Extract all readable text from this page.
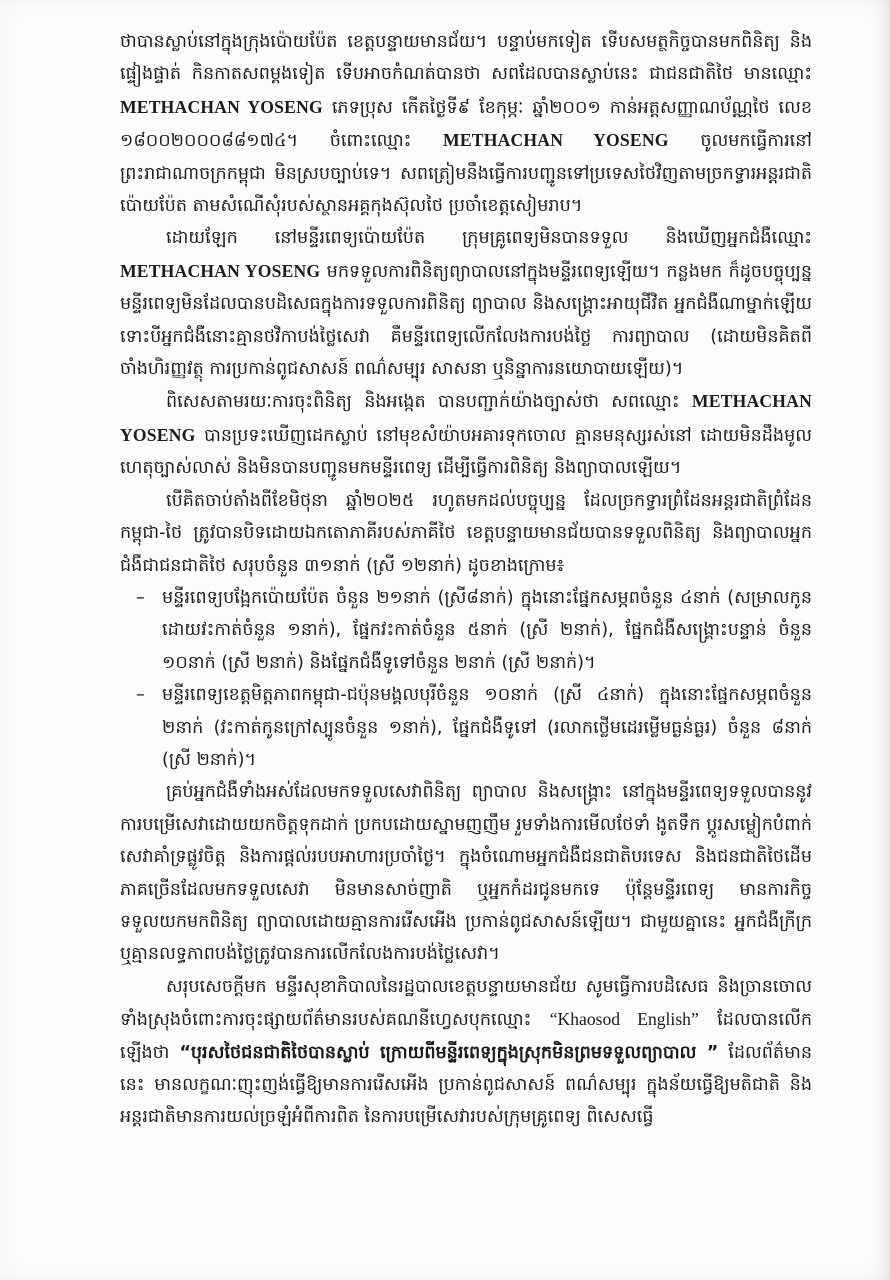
ថាបានស្លាប់នៅក្នុងក្រុងប៉ោយប៉ែត ខេត្តបន្ទាយមានជ័យ។ បន្ទាប់មកទៀត ទើបសមត្ថកិច្ចបានមកពិនិត្យ និងផ្ទៀងផ្ទាត់ កិនកាតសពម្តងទៀត ទើបអាចកំណត់បានថា សពដែលបានស្លាប់នេះ ជាជនជាតិថៃ មានឈ្មោះ METHACHAN YOSENG ភេទប្រុស កើតថ្ងៃទី៩ ខែកុម្ភៈ ឆ្នាំ២០០១ កាន់អត្តសញ្ញាណប័ណ្ណថៃ លេខ ១៨០០២០០០៨៨១៧៤។ ចំពោះឈ្មោះ METHACHAN YOSENG ចូលមកធ្វើការនៅព្រះរាជាណាចក្រកម្ពុជា មិនស្របច្បាប់ទេ។ សពត្រៀមនឹងធ្វើការបញ្ជូនទៅប្រទេសថៃវិញតាមច្រកទ្វារអន្តរជាតិប៉ោយប៉ែត តាមសំណើសុំរបស់ស្ថានអគ្គកុងស៊ុលថៃ ប្រចាំខេត្តសៀមរាប។

ដោយឡែក នៅមន្ទីរពេទ្យប៉ោយប៉ែត ក្រុមគ្រូពេទ្យមិនបានទទួល និងឃើញអ្នកជំងឺឈ្មោះ METHACHAN YOSENG មកទទួលការពិនិត្យព្យាបាលនៅក្នុងមន្ទីរពេទ្យឡើយ។ កន្លងមក ក៏ដូចបច្ចុប្បន្ន មន្ទីរពេទ្យមិនដែលបានបដិសេធក្នុងការទទួលការពិនិត្យ ព្យាបាល និងសង្គ្រោះអាយុជីវិត អ្នកជំងឺណាម្នាក់ឡើយ ទោះបីអ្នកជំងឺនោះគ្មានថវិកាបង់ថ្លៃសេវា គឺមន្ទីរពេទ្យលើកលែងការបង់ថ្លៃ ការព្យាបាល (ដោយមិនគិតពីចាំងហិរញ្ញវត្ថុ ការប្រកាន់ពូជសាសន៍ ពណ៌សម្បុរ សាសនា ឬនិន្នាការនយោបាយឡើយ)។

ពិសេសតាមរយៈការចុះពិនិត្យ និងអង្កេត បានបញ្ជាក់យ៉ាងច្បាស់ថា សពឈ្មោះ METHACHAN YOSENG បានប្រទះឃើញដេកស្លាប់ នៅមុខសំយ៉ាបអគារទុកចោល គ្មានមនុស្សរស់នៅ ដោយមិនដឹងមូលហេតុច្បាស់លាស់ និងមិនបានបញ្ជូនមកមន្ទីរពេទ្យ ដើម្បីធ្វើការពិនិត្យ និងព្យាបាលឡើយ។

បើគិតចាប់តាំងពីខែមិថុនា ឆ្នាំ២០២៥ រហូតមកដល់បច្ចុប្បន្ន ដែលច្រកទ្វារព្រំដែនអន្តរជាតិព្រំដែនកម្ពុជា-ថៃ ត្រូវបានបិទដោយឯកតោភាគីរបស់ភាគីថៃ ខេត្តបន្ទាយមានជ័យបានទទួលពិនិត្យ និងព្យាបាលអ្នកជំងឺជាជនជាតិថៃ សរុបចំនួន ៣១នាក់ (ស្រី ១២នាក់) ដូចខាងក្រោម៖

– មន្ទីរពេទ្យបង្អែកប៉ោយប៉ែត ចំនួន ២១នាក់ (ស្រី៨នាក់) ក្នុងនោះផ្នែកសម្ភពចំនួន ៤នាក់ (សម្រាលកូនដោយវះកាត់ចំនួន ១នាក់), ផ្នែកវះកាត់ចំនួន ៥នាក់ (ស្រី ២នាក់), ផ្នែកជំងឺសង្គ្រោះបន្ទាន់ ចំនួន ១០នាក់ (ស្រី ២នាក់) និងផ្នែកជំងឺទូទៅចំនួន ២នាក់ (ស្រី ២នាក់)។
– មន្ទីរពេទ្យខេត្តមិត្តភាពកម្ពុជា-ជប៉ុនមង្គលបុរីចំនួន ១០នាក់ (ស្រី ៤នាក់) ក្នុងនោះផ្នែកសម្ភពចំនួន ២នាក់ (វះកាត់កូនក្រៅស្បូនចំនួន ១នាក់), ផ្នែកជំងឺទូទៅ (រលាកថ្លើមដេរម្លើមធ្ងន់ធ្ងរ) ចំនួន ៨នាក់ (ស្រី ២នាក់)។

គ្រប់អ្នកជំងឺទាំងអស់ដែលមកទទួលសេវាពិនិត្យ ព្យាបាល និងសង្គ្រោះ នៅក្នុងមន្ទីរពេទ្យទទួលបាននូវការបម្រើសេវាដោយយកចិត្តទុកដាក់ ប្រកបដោយស្នាមញញឹម រួមទាំងការមើលថែទាំ ងូតទឹក ប្តូរសម្លៀកបំពាក់ សេវាគាំទ្រផ្លូវចិត្ត និងការផ្តល់របបអាហារប្រចាំថ្ងៃ។ ក្នុងចំណោមអ្នកជំងឺជនជាតិបរទេស និងជនជាតិថៃដើម ភាគច្រើនដែលមកទទួលសេវា មិនមានសាច់ញាតិ ឬអ្នកកំដរជូនមកទេ ប៉ុន្តែមន្ទីរពេទ្យ មានការកិច្ចទទួលយកមកពិនិត្យ ព្យាបាលដោយគ្មានការរើសអើង ប្រកាន់ពូជសាសន៍ឡើយ។ ជាមួយគ្នានេះ អ្នកជំងឺក្រីក្រ ឬគ្មានលទ្ធភាពបង់ថ្លៃត្រូវបានការលើកលែងការបង់ថ្លៃសេវា។

សរុបសេចក្តីមក មន្ទីរសុខាភិបាលនៃរដ្ឋបាលខេត្តបន្ទាយមានជ័យ សូមធ្វើការបដិសេធ និងច្រានចោលទាំងស្រុងចំពោះការចុះផ្សាយព័ត៌មានរបស់គណនីហ្វេសបុកឈ្មោះ “Khaosod English” ដែលបានលើកឡើងថា “បុរសថៃជនជាតិថៃបានស្លាប់ ក្រោយពីមន្ទីរពេទ្យក្នុងស្រុកមិនព្រមទទួលព្យាបាល ” ដែលព័ត៌មាននេះ មានលក្ខណៈញុះញង់ធ្វើឱ្យមានការរើសអើង ប្រកាន់ពូជសាសន៍ ពណ៌សម្បុរ ក្នុងន័យធ្វើឱ្យមតិជាតិ និងអន្តរជាតិមានការយល់ច្រឡំអំពីការពិត នៃការបម្រើសេវារបស់ក្រុមគ្រូពេទ្យ ពិសេសធ្វើ
